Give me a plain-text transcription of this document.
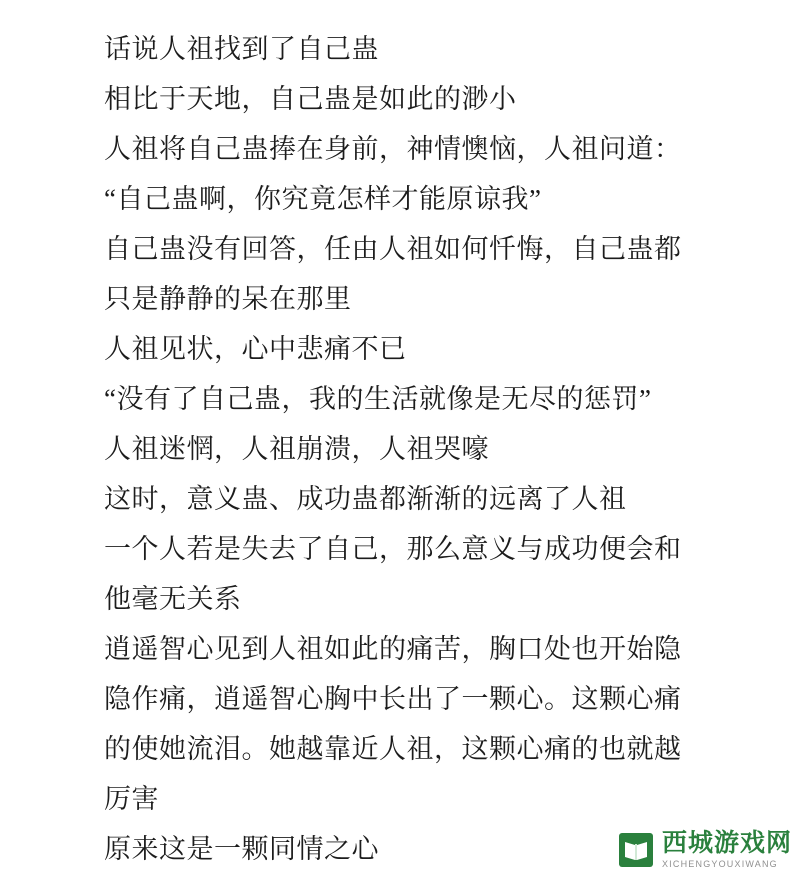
话说人祖找到了自己蛊
相比于天地，自己蛊是如此的渺小
人祖将自己蛊捧在身前，神情懊恼，人祖问道：
“自己蛊啊，你究竟怎样才能原谅我”
自己蛊没有回答，任由人祖如何忏悔，自己蛊都只是静静的呆在那里
人祖见状，心中悲痛不已
“没有了自己蛊，我的生活就像是无尽的惩罚”
人祖迷惘，人祖崩溃，人祖哭嚎
这时，意义蛊、成功蛊都渐渐的远离了人祖
一个人若是失去了自己，那么意义与成功便会和他毫无关系
逍遥智心见到人祖如此的痛苦，胸口处也开始隐隐作痛，逍遥智心胸中长出了一颗心。这颗心痛的使她流泪。她越靠近人祖，这颗心痛的也就越厉害
原来这是一颗同情之心	西城游戏网
XICHENGYOUXIWANG
